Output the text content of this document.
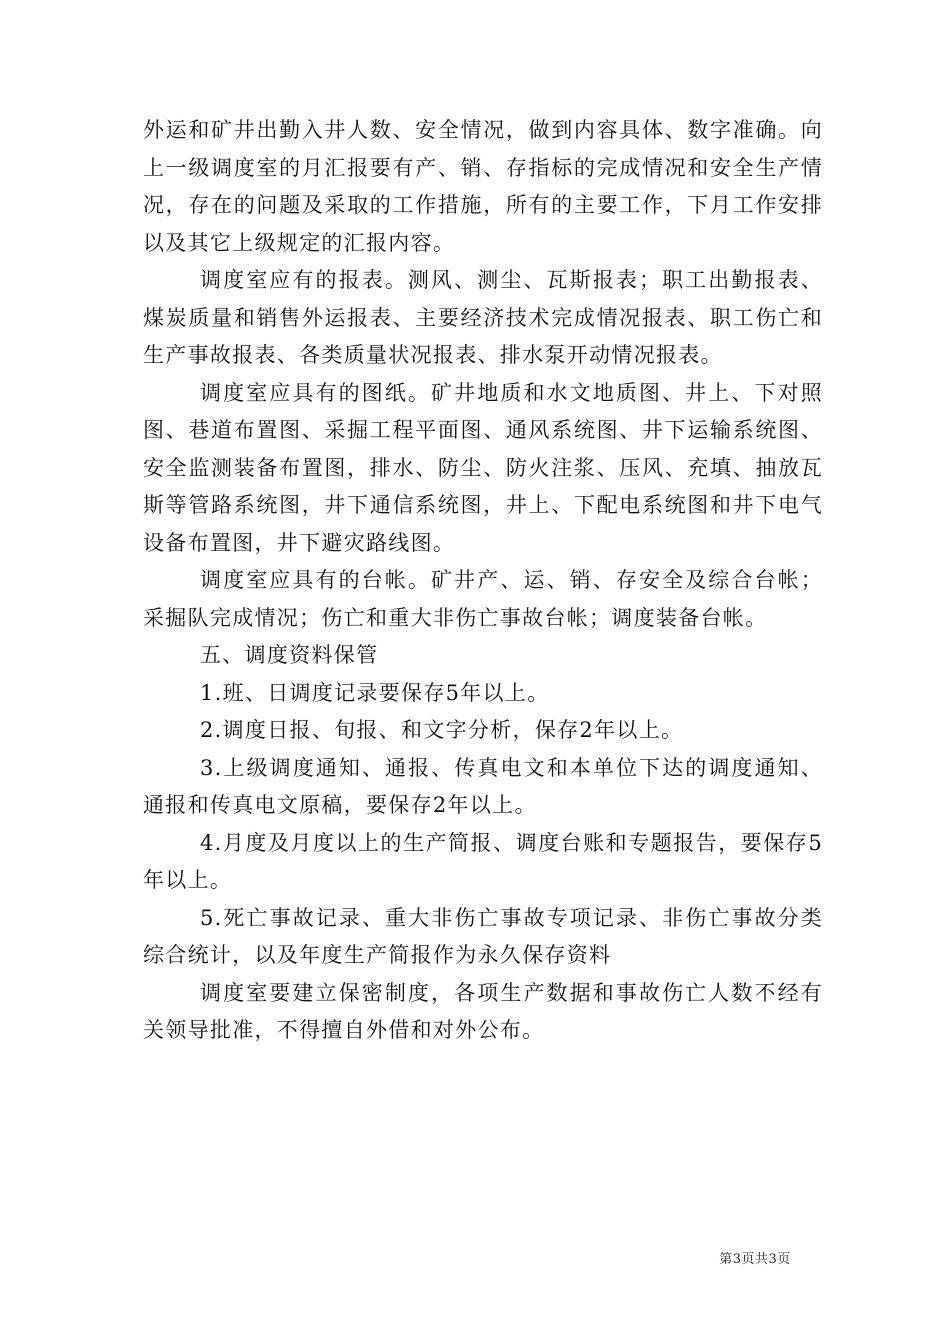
外运和矿井出勤入井人数、安全情况，做到内容具体、数字准确。向上一级调度室的月汇报要有产、销、存指标的完成情况和安全生产情况，存在的问题及采取的工作措施，所有的主要工作，下月工作安排以及其它上级规定的汇报内容。

调度室应有的报表。测风、测尘、瓦斯报表；职工出勤报表、煤炭质量和销售外运报表、主要经济技术完成情况报表、职工伤亡和生产事故报表、各类质量状况报表、排水泵开动情况报表。

调度室应具有的图纸。矿井地质和水文地质图、井上、下对照图、巷道布置图、采掘工程平面图、通风系统图、井下运输系统图、安全监测装备布置图，排水、防尘、防火注浆、压风、充填、抽放瓦斯等管路系统图，井下通信系统图，井上、下配电系统图和井下电气设备布置图，井下避灾路线图。

调度室应具有的台帐。矿井产、运、销、存安全及综合台帐；采掘队完成情况；伤亡和重大非伤亡事故台帐；调度装备台帐。

五、调度资料保管

1.班、日调度记录要保存5年以上。

2.调度日报、旬报、和文字分析，保存2年以上。

3.上级调度通知、通报、传真电文和本单位下达的调度通知、通报和传真电文原稿，要保存2年以上。

4.月度及月度以上的生产简报、调度台账和专题报告，要保存5年以上。

5.死亡事故记录、重大非伤亡事故专项记录、非伤亡事故分类综合统计，以及年度生产简报作为永久保存资料

调度室要建立保密制度，各项生产数据和事故伤亡人数不经有关领导批准，不得擅自外借和对外公布。

第3页共3页
